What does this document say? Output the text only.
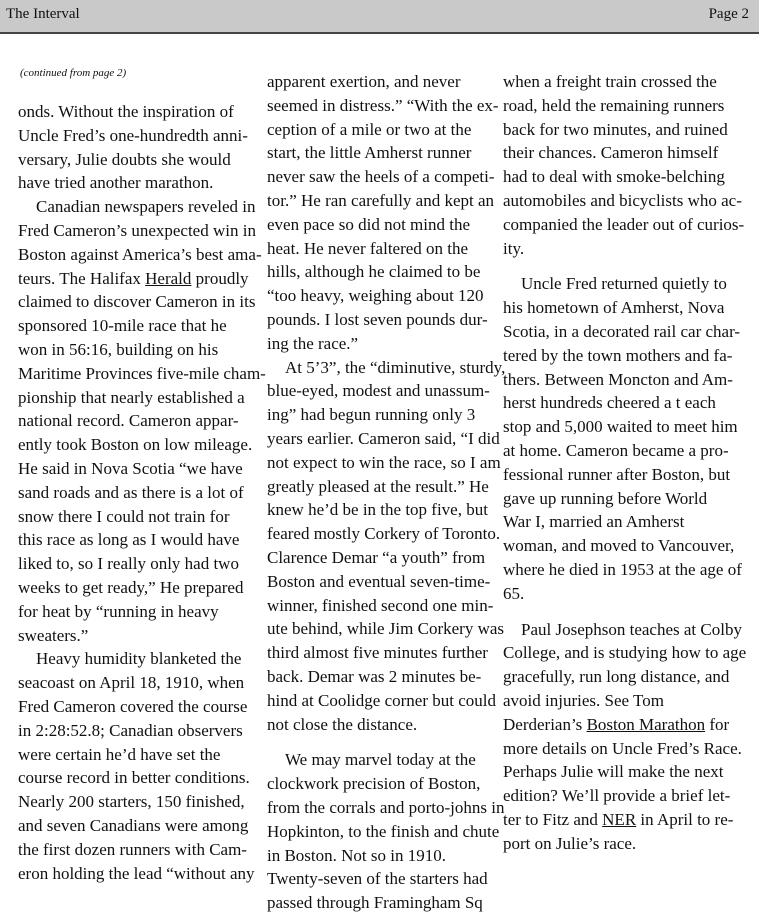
The Interval	Page 2

(continued from page 2)

onds. Without the inspiration of
Uncle Fred’s one-hundredth anni-
versary, Julie doubts she would
have tried another marathon.

Canadian newspapers reveled in
Fred Cameron’s unexpected win in
Boston against America’s best ama-
teurs. The Halifax Herald proudly
claimed to discover Cameron in its
sponsored 10-mile race that he
won in 56:16, building on his
Maritime Provinces five-mile cham-
pionship that nearly established a
national record. Cameron appar-
ently took Boston on low mileage.
He said in Nova Scotia “we have
sand roads and as there is a lot of
snow there I could not train for
this race as long as I would have
liked to, so I really only had two
weeks to get ready,” He prepared
for heat by “running in heavy
sweaters.”

Heavy humidity blanketed the
seacoast on April 18, 1910, when
Fred Cameron covered the course
in 2:28:52.8; Canadian observers
were certain he’d have set the
course record in better conditions.
Nearly 200 starters, 150 finished,
and seven Canadians were among
the first dozen runners with Cam-
eron holding the lead “without any

apparent exertion, and never
seemed in distress.” “With the ex-
ception of a mile or two at the
start, the little Amherst runner
never saw the heels of a competi-
tor.” He ran carefully and kept an
even pace so did not mind the
heat. He never faltered on the
hills, although he claimed to be
“too heavy, weighing about 120
pounds. I lost seven pounds dur-
ing the race.”

At 5’3”, the “diminutive, sturdy,
blue-eyed, modest and unassum-
ing” had begun running only 3
years earlier. Cameron said, “I did
not expect to win the race, so I am
greatly pleased at the result.” He
knew he’d be in the top five, but
feared mostly Corkery of Toronto.
Clarence Demar “a youth” from
Boston and eventual seven-time-
winner, finished second one min-
ute behind, while Jim Corkery was
third almost five minutes further
back. Demar was 2 minutes be-
hind at Coolidge corner but could
not close the distance.

We may marvel today at the
clockwork precision of Boston,
from the corrals and porto-johns in
Hopkinton, to the finish and chute
in Boston. Not so in 1910.
Twenty-seven of the starters had
passed through Framingham Sq

when a freight train crossed the
road, held the remaining runners
back for two minutes, and ruined
their chances. Cameron himself
had to deal with smoke-belching
automobiles and bicyclists who ac-
companied the leader out of curios-
ity.

Uncle Fred returned quietly to
his hometown of Amherst, Nova
Scotia, in a decorated rail car char-
tered by the town mothers and fa-
thers. Between Moncton and Am-
herst hundreds cheered a t each
stop and 5,000 waited to meet him
at home. Cameron became a pro-
fessional runner after Boston, but
gave up running before World
War I, married an Amherst
woman, and moved to Vancouver,
where he died in 1953 at the age of
65.

Paul Josephson teaches at Colby
College, and is studying how to age
gracefully, run long distance, and
avoid injuries. See Tom
Derderian’s Boston Marathon for
more details on Uncle Fred’s Race.
Perhaps Julie will make the next
edition? We’ll provide a brief let-
ter to Fitz and NER in April to re-
port on Julie’s race.
